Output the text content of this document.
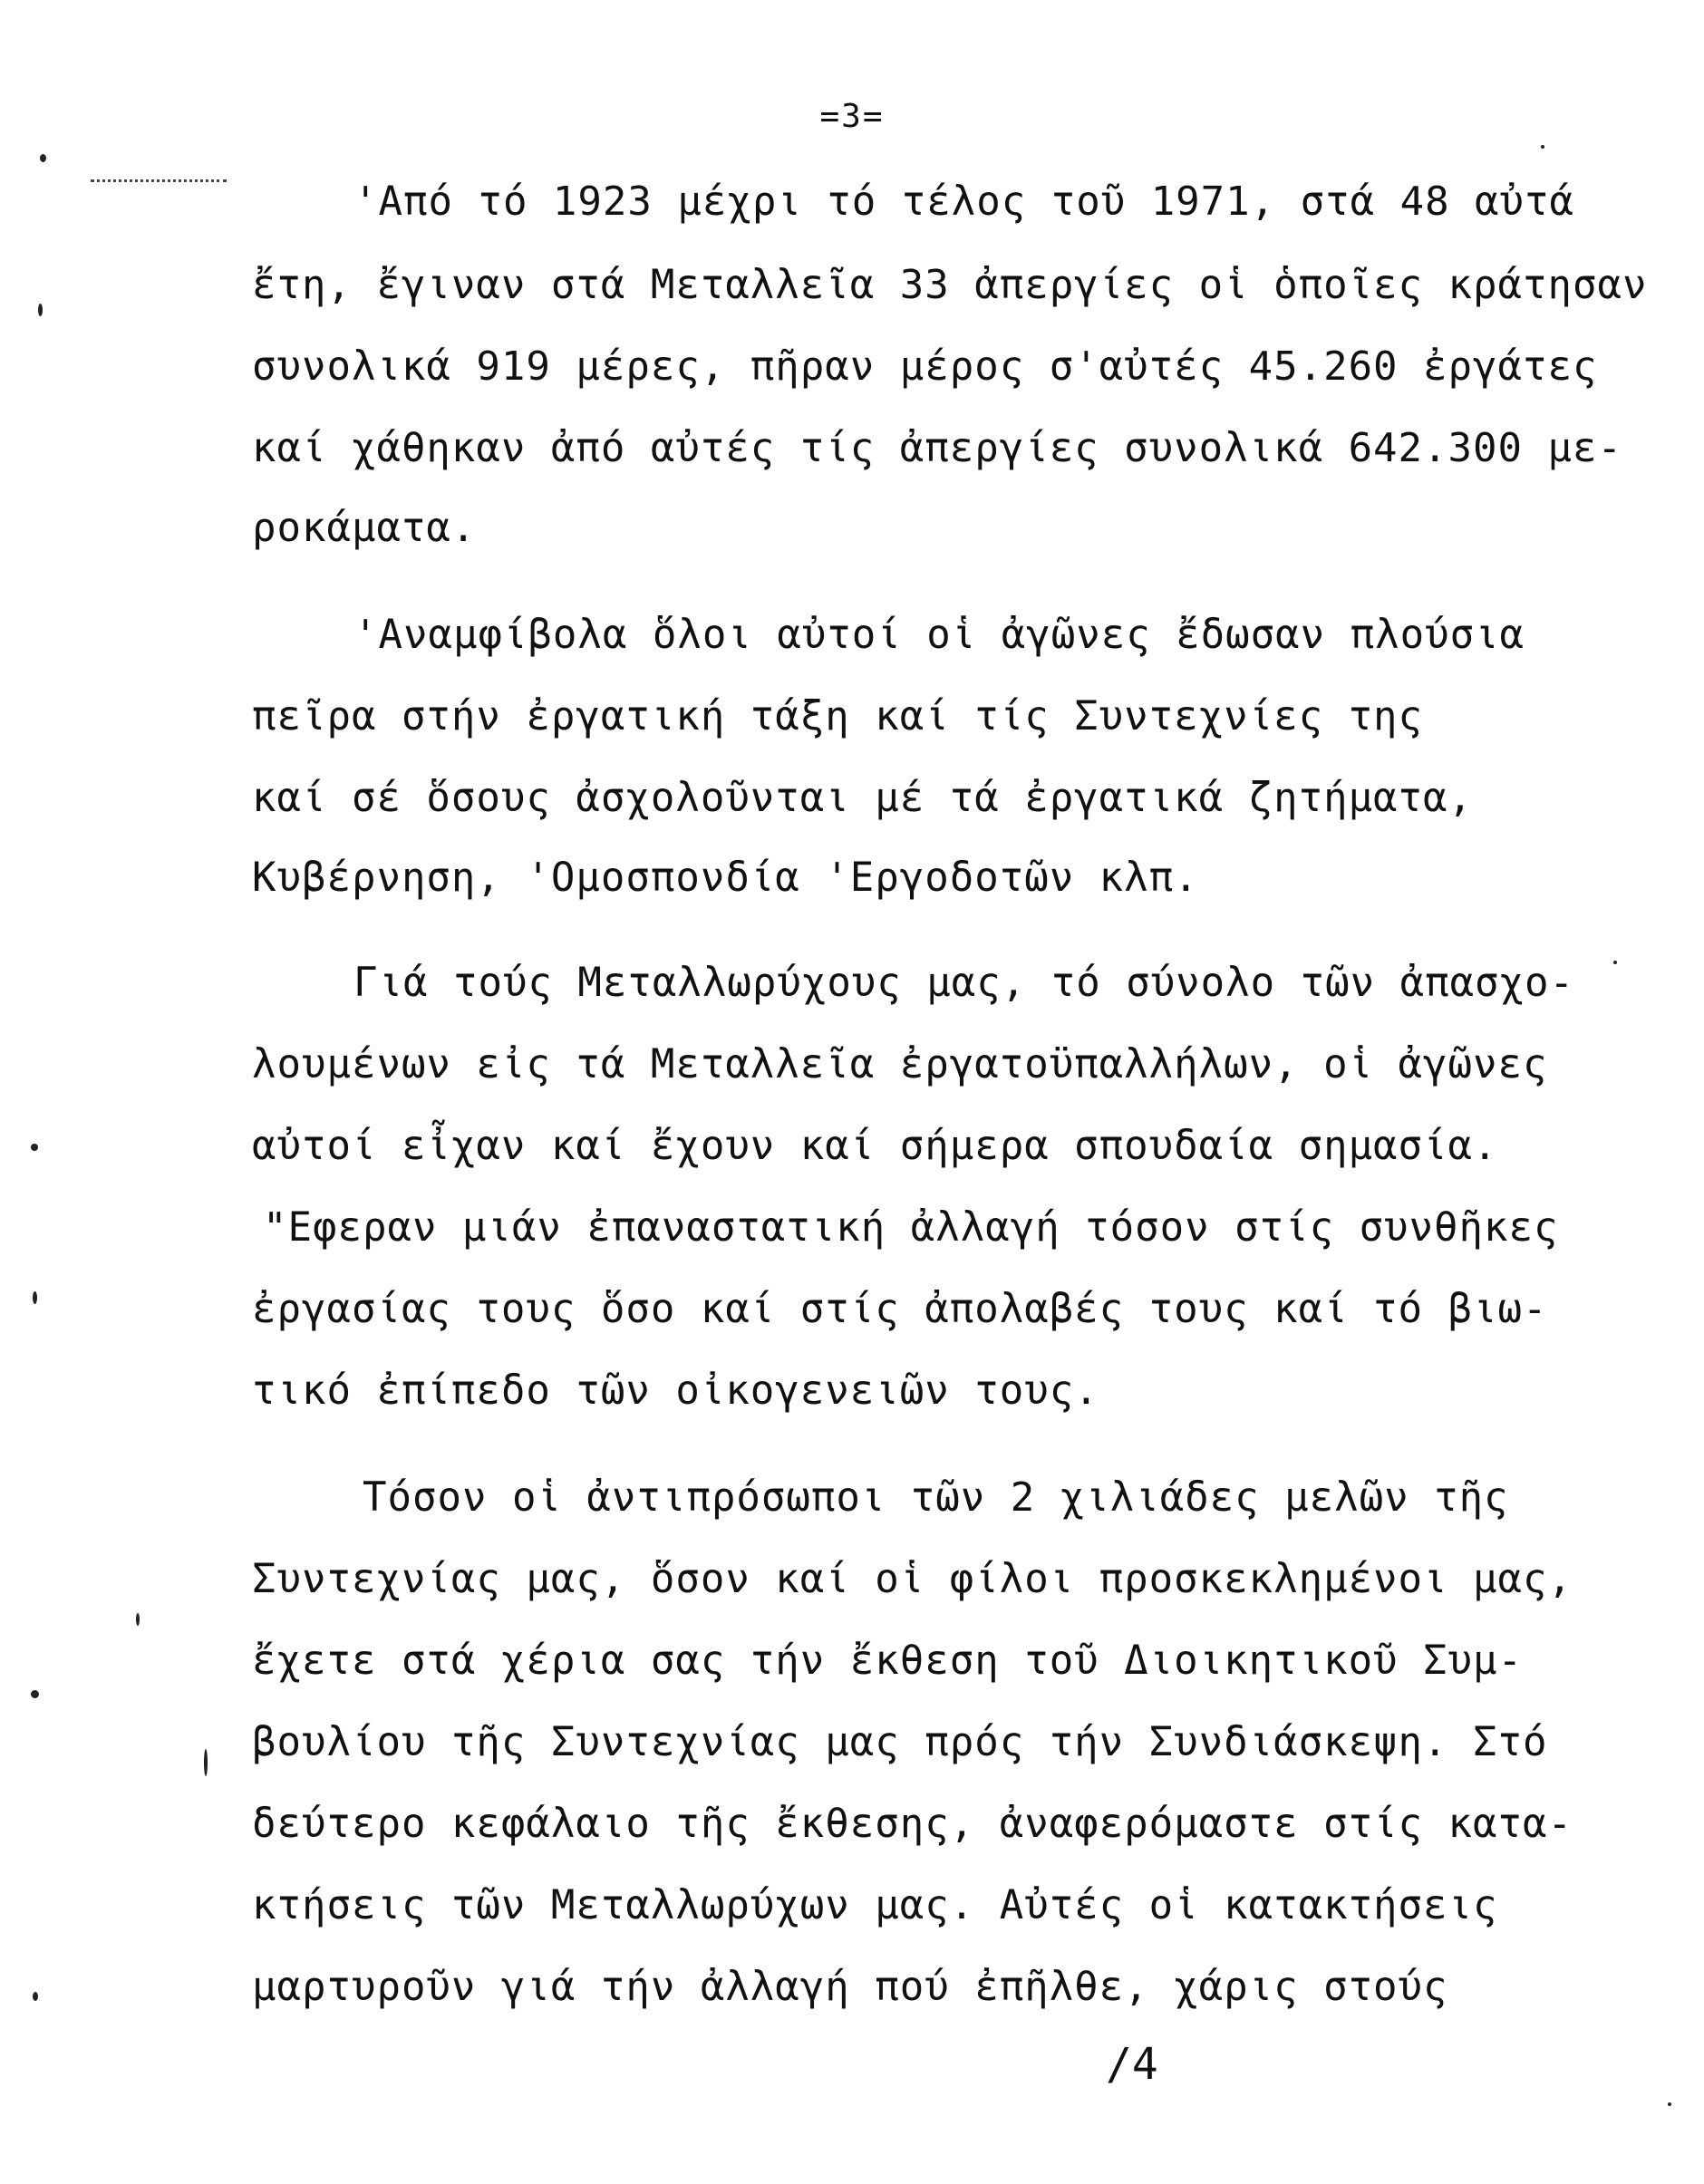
=3=
'Από τό 1923 μέχρι τό τέλος τοῦ 1971, στά 48 αὐτά
ἔτη, ἔγιναν στά Μεταλλεῖα 33 ἀπεργίες οἱ ὁποῖες κράτησαν
συνολικά 919 μέρες, πῆραν μέρος σ'αὐτές 45.260 ἐργάτες
καί χάθηκαν ἀπό αὐτές τίς ἀπεργίες συνολικά 642.300 με-
ροκάματα.
'Αναμφίβολα ὅλοι αὐτοί οἱ ἀγῶνες ἔδωσαν πλούσια
πεῖρα στήν ἐργατική τάξη καί τίς Συντεχνίες της
καί σέ ὅσους ἀσχολοῦνται μέ τά ἐργατικά ζητήματα,
Κυβέρνηση, 'Ομοσπονδία 'Εργοδοτῶν κλπ.
Γιά τούς Μεταλλωρύχους μας, τό σύνολο τῶν ἀπασχο-
λουμένων εἰς τά Μεταλλεῖα ἐργατοϋπαλλήλων, οἱ ἀγῶνες
αὐτοί εἶχαν καί ἔχουν καί σήμερα σπουδαία σημασία.
"Εφεραν μιάν ἐπαναστατική ἀλλαγή τόσον στίς συνθῆκες
ἐργασίας τους ὅσο καί στίς ἀπολαβές τους καί τό βιω-
τικό ἐπίπεδο τῶν οἰκογενειῶν τους.
Τόσον οἱ ἀντιπρόσωποι τῶν 2 χιλιάδες μελῶν τῆς
Συντεχνίας μας, ὅσον καί οἱ φίλοι προσκεκλημένοι μας,
ἔχετε στά χέρια σας τήν ἔκθεση τοῦ Διοικητικοῦ Συμ-
βουλίου τῆς Συντεχνίας μας πρός τήν Συνδιάσκεψη. Στό
δεύτερο κεφάλαιο τῆς ἔκθεσης, ἀναφερόμαστε στίς κατα-
κτήσεις τῶν Μεταλλωρύχων μας. Αὐτές οἱ κατακτήσεις
μαρτυροῦν γιά τήν ἀλλαγή πού ἐπῆλθε, χάρις στούς
/4
